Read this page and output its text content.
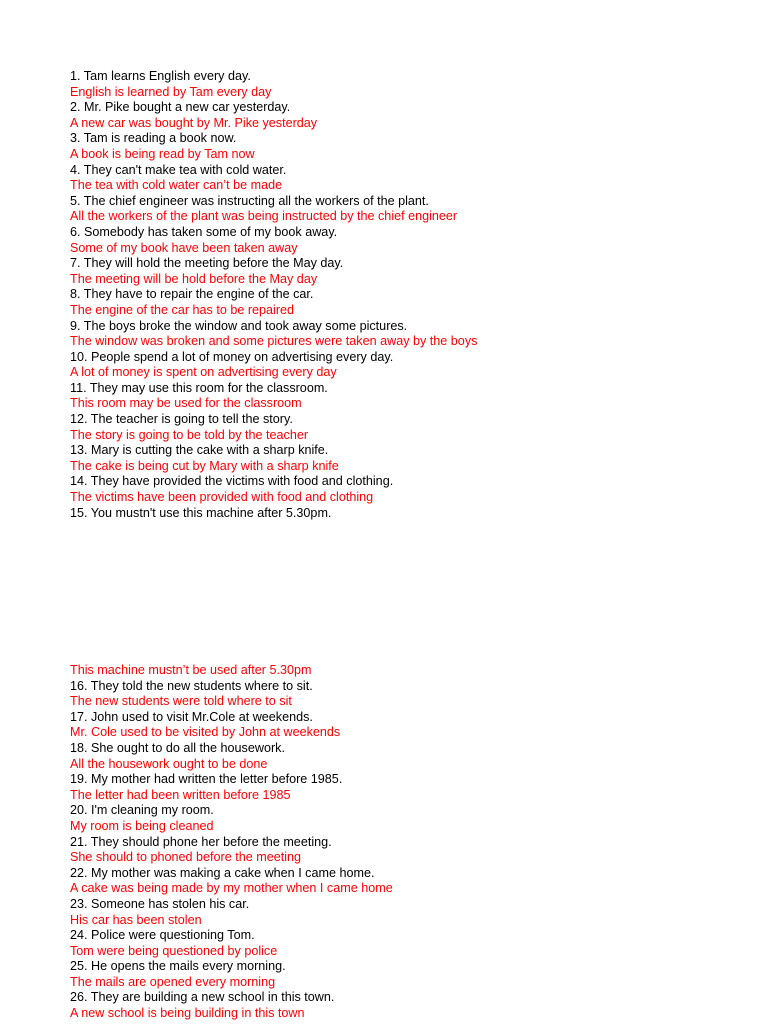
1. Tam learns English every day.
English is learned by Tam every day
2. Mr. Pike bought a new car yesterday.
A new car was bought by Mr. Pike yesterday
3. Tam is reading a book now.
A book is being read by Tam now
4. They can't make tea with cold water.
The tea with cold water can’t be made
5. The chief engineer was instructing all the workers of the plant.
All the workers of the plant was being instructed by the chief engineer
6. Somebody has taken some of my book away.
Some of my book have been taken away
7. They will hold the meeting before the May day.
The meeting will be hold before the May day
8. They have to repair the engine of the car.
The engine of the car has to be repaired
9. The boys broke the window and took away some pictures.
The window was broken and some pictures were taken away by the boys
10. People spend a lot of money on advertising every day.
A lot of money is spent on advertising every day
11. They may use this room for the classroom.
This room may be used for the classroom
12. The teacher is going to tell the story.
The story is going to be told by the teacher
13. Mary is cutting the cake with a sharp knife.
The cake is being cut by Mary with a sharp knife
14. They have provided the victims with food and clothing.
The victims have been provided with food and clothing
15. You mustn't use this machine after 5.30pm.
This machine mustn’t be used after 5.30pm
16. They told the new students where to sit.
The new students were told where to sit
17. John used to visit Mr.Cole at weekends.
Mr. Cole used to be visited by John at weekends
18. She ought to do all the housework.
All the housework ought to be done
19. My mother had written the letter before 1985.
The letter had been written before 1985
20. I'm cleaning my room.
My room is being cleaned
21. They should phone her before the meeting.
She should to phoned before the meeting
22. My mother was making a cake when I came home.
A cake was being made by my mother when I came home
23. Someone has stolen his car.
His car has been stolen
24. Police were questioning Tom.
Tom were being questioned by police
25. He opens the mails every morning.
The mails are opened every morning
26. They are building a new school in this town.
A new school is being building in this town
